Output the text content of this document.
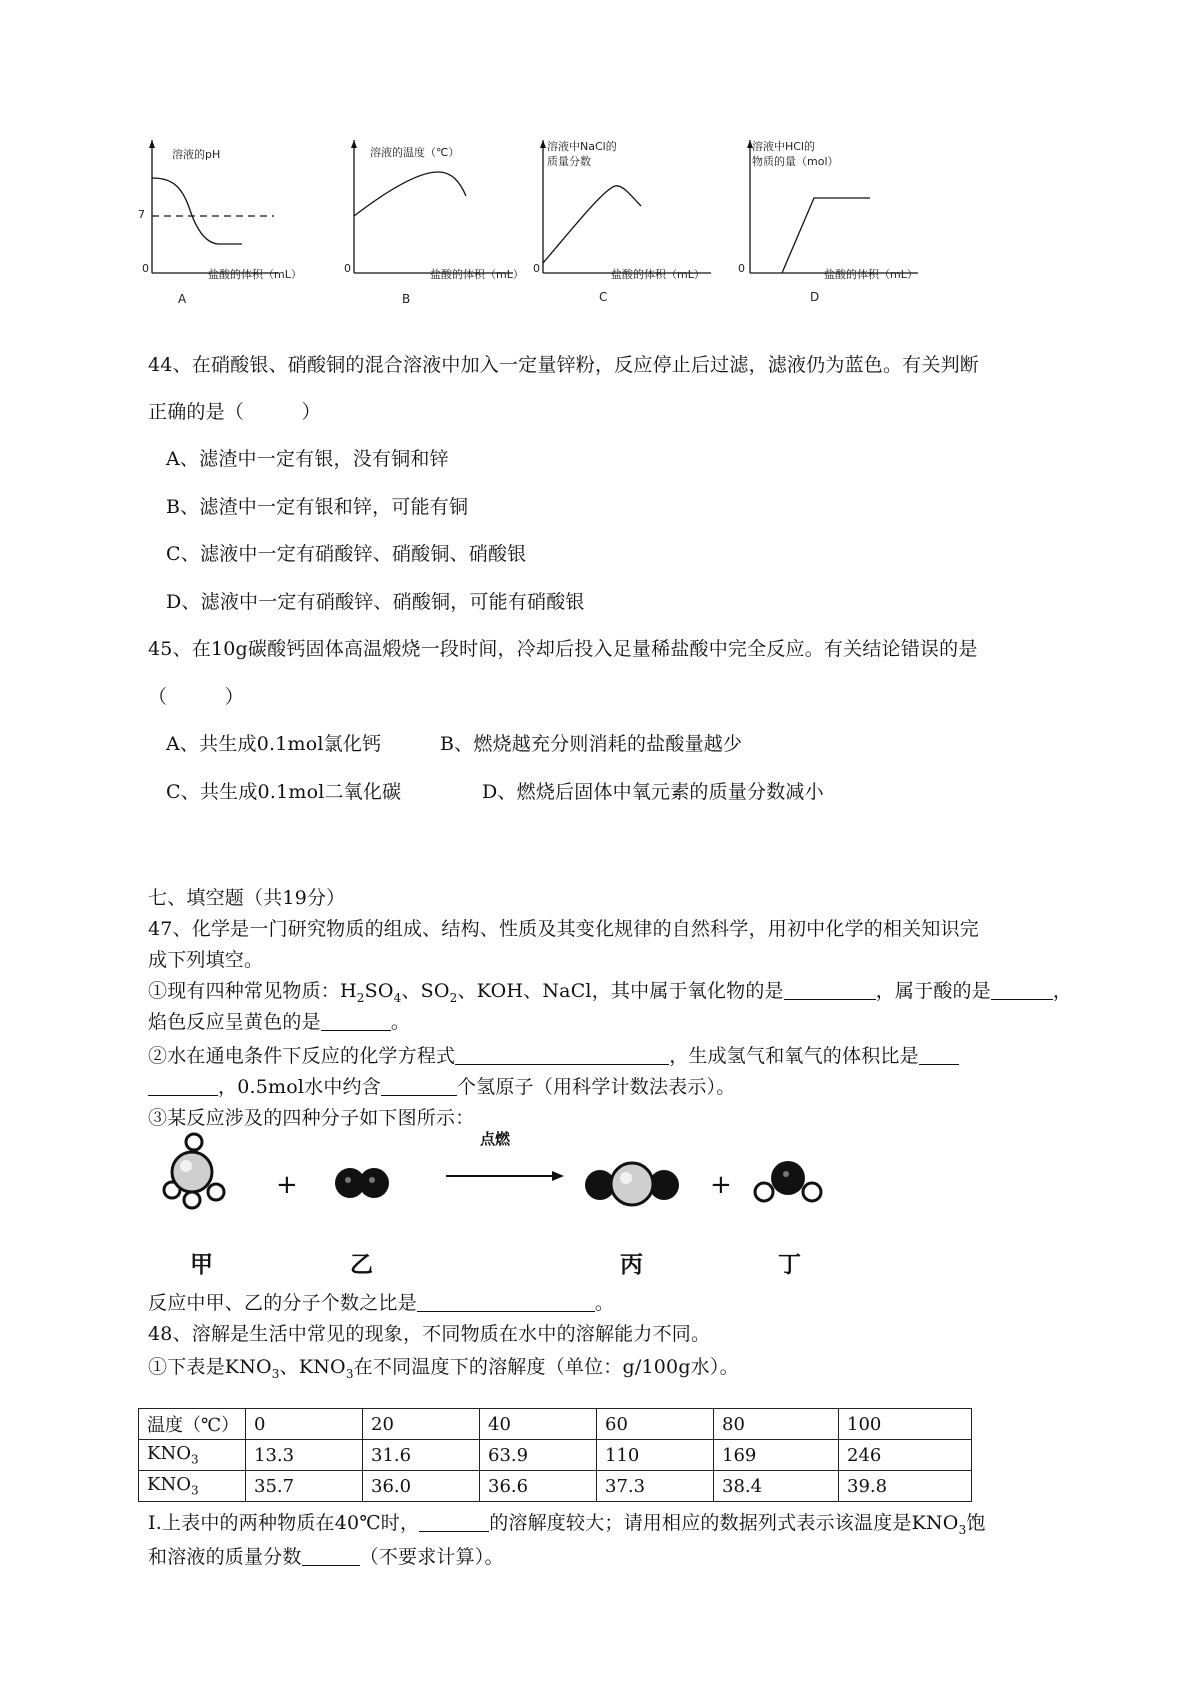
溶液的pH
7
0	盐酸的体积（mL）
A
溶液的温度（℃）
0	盐酸的体积（mL）
B
溶液中NaCl的
质量分数
0	盐酸的体积（mL）
C
溶液中HCl的
物质的量（mol）
0	盐酸的体积（mL）
D
44、在硝酸银、硝酸铜的混合溶液中加入一定量锌粉，反应停止后过滤，滤液仍为蓝色。有关判断
正确的是（　　　）
A、滤渣中一定有银，没有铜和锌
B、滤渣中一定有银和锌，可能有铜
C、滤液中一定有硝酸锌、硝酸铜、硝酸银
D、滤液中一定有硝酸锌、硝酸铜，可能有硝酸银
45、在10g碳酸钙固体高温煅烧一段时间，冷却后投入足量稀盐酸中完全反应。有关结论错误的是
（　　　）
A、共生成0.1mol氯化钙	B、燃烧越充分则消耗的盐酸量越少
C、共生成0.1mol二氧化碳	D、燃烧后固体中氧元素的质量分数减小
七、填空题（共19分）
47、化学是一门研究物质的组成、结构、性质及其变化规律的自然科学，用初中化学的相关知识完
成下列填空。
①现有四种常见物质：$H_2SO_4$、$SO_2$、KOH、NaCl，其中属于氧化物的是	，属于酸的是	，
焰色反应呈黄色的是	。
②水在通电条件下反应的化学方程式	，生成氢气和氧气的体积比是
，0.5mol水中约含	个氢原子（用科学计数法表示）。
③某反应涉及的四种分子如下图所示：
+	+
点燃
甲	乙	丙	丁
反应中甲、乙的分子个数之比是	。
48、溶解是生活中常见的现象，不同物质在水中的溶解能力不同。
①下表是$KNO_3$、$KNO_3$在不同温度下的溶解度（单位：g/100g水）。
温度（℃）	0	20	40	60	80	100
$KNO_3$	13.3	31.6	63.9	110	169	246
$KNO_3$	35.7	36.0	36.6	37.3	38.4	39.8
I.上表中的两种物质在40℃时，	的溶解度较大；请用相应的数据列式表示该温度是$KNO_3$饱
和溶液的质量分数	（不要求计算）。
